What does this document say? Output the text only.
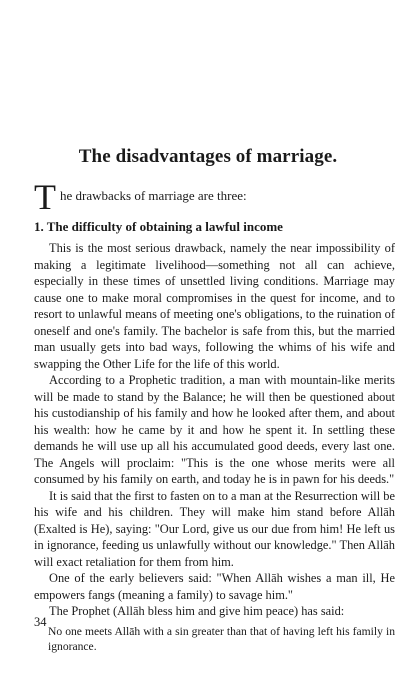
The disadvantages of marriage.
T he drawbacks of marriage are three:
1. The difficulty of obtaining a lawful income

This is the most serious drawback, namely the near impossibility of making a legitimate livelihood—something not all can achieve, especially in these times of unsettled living conditions. Marriage may cause one to make moral compromises in the quest for income, and to resort to unlawful means of meeting one's obligations, to the ruination of oneself and one's family. The bachelor is safe from this, but the married man usually gets into bad ways, following the whims of his wife and swapping the Other Life for the life of this world.

According to a Prophetic tradition, a man with mountain-like merits will be made to stand by the Balance; he will then be questioned about his custodianship of his family and how he looked after them, and about his wealth: how he came by it and how he spent it. In settling these demands he will use up all his accumulated good deeds, every last one. The Angels will proclaim: "This is the one whose merits were all consumed by his family on earth, and today he is in pawn for his deeds."

It is said that the first to fasten on to a man at the Resurrection will be his wife and his children. They will make him stand before Allāh (Exalted is He), saying: "Our Lord, give us our due from him! He left us in ignorance, feeding us unlawfully without our knowledge." Then Allāh will exact retaliation for them from him.

One of the early believers said: "When Allāh wishes a man ill, He empowers fangs (meaning a family) to savage him."

The Prophet (Allāh bless him and give him peace) has said:

No one meets Allāh with a sin greater than that of having left his family in ignorance.

34
